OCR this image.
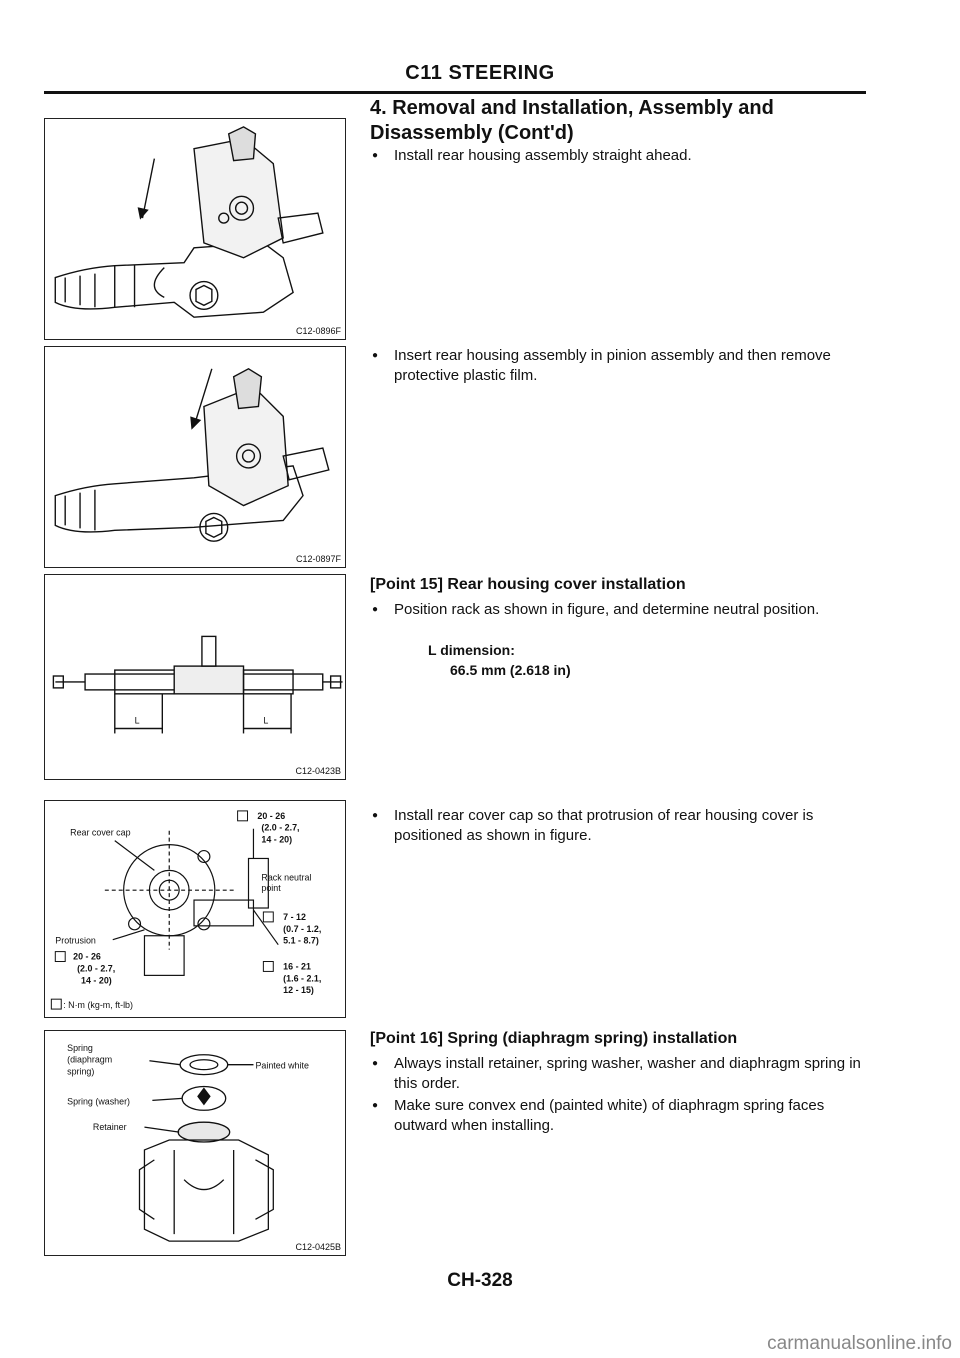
C11 STEERING
4. Removal and Installation, Assembly and Disassembly (Cont'd)
C12-0896F
C12-0897F
L	L
C12-0423B
Rear cover cap
20 - 26
(2.0 - 2.7,
14 - 20)
Rack neutral
point
7 - 12
(0.7 - 1.2,
5.1 - 8.7)
Protrusion
20 - 26
(2.0 - 2.7,
14 - 20)
16 - 21
(1.6 - 2.1,
12 - 15)
: N·m (kg-m, ft-lb)
Spring
(diaphragm
spring)
Painted white
Spring (washer)
Retainer
C12-0425B
● Install rear housing assembly straight ahead.
● Insert rear housing assembly in pinion assembly and then remove protective plastic film.
[Point 15] Rear housing cover installation
● Position rack as shown in figure, and determine neutral position.
L dimension:
66.5 mm (2.618 in)
● Install rear cover cap so that protrusion of rear housing cover is positioned as shown in figure.
[Point 16] Spring (diaphragm spring) installation
● Always install retainer, spring washer, washer and diaphragm spring in this order.
● Make sure convex end (painted white) of diaphragm spring faces outward when installing.
CH-328
carmanualsonline.info
